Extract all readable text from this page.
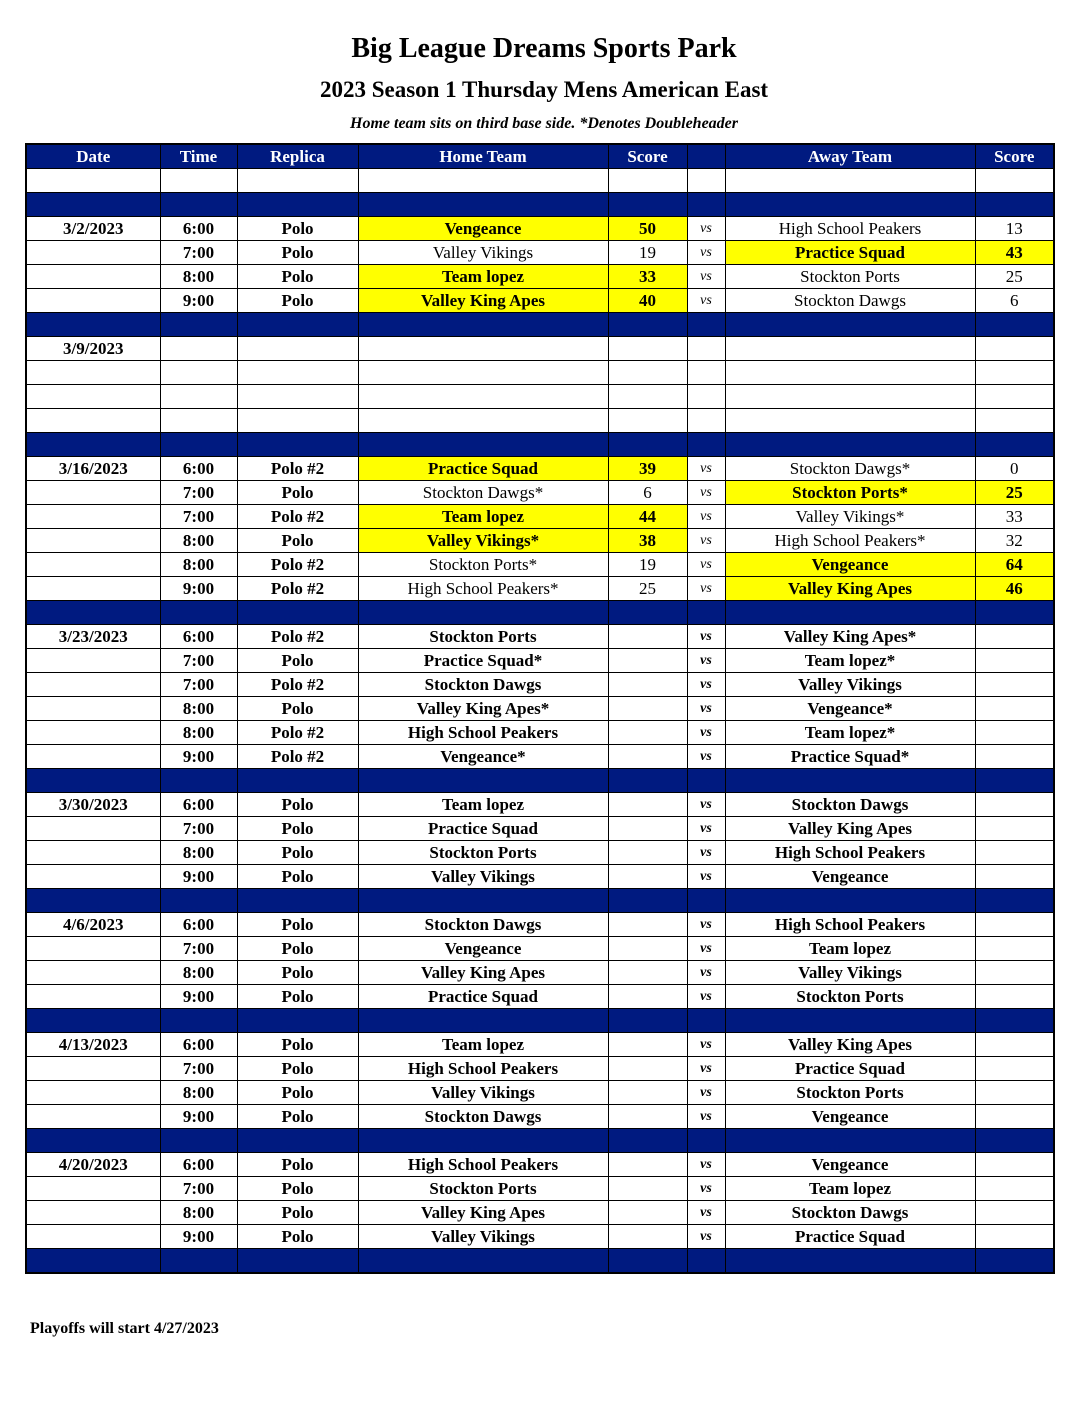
Big League Dreams Sports Park
2023 Season 1 Thursday Mens American East
Home team sits on third base side. *Denotes Doubleheader
Date	Time	Replica	Home Team	Score		Away Team	Score

3/2/2023	6:00	Polo	Vengeance	50	vs	High School Peakers	13
	7:00	Polo	Valley Vikings	19	vs	Practice Squad	43
	8:00	Polo	Team lopez	33	vs	Stockton Ports	25
	9:00	Polo	Valley King Apes	40	vs	Stockton Dawgs	6

3/9/2023							

3/16/2023	6:00	Polo #2	Practice Squad	39	vs	Stockton Dawgs*	0
	7:00	Polo	Stockton Dawgs*	6	vs	Stockton Ports*	25
	7:00	Polo #2	Team lopez	44	vs	Valley Vikings*	33
	8:00	Polo	Valley Vikings*	38	vs	High School Peakers*	32
	8:00	Polo #2	Stockton Ports*	19	vs	Vengeance	64
	9:00	Polo #2	High School Peakers*	25	vs	Valley King Apes	46

3/23/2023	6:00	Polo #2	Stockton Ports		vs	Valley King Apes*	
	7:00	Polo	Practice Squad*		vs	Team lopez*	
	7:00	Polo #2	Stockton Dawgs		vs	Valley Vikings	
	8:00	Polo	Valley King Apes*		vs	Vengeance*	
	8:00	Polo #2	High School Peakers		vs	Team lopez*	
	9:00	Polo #2	Vengeance*		vs	Practice Squad*	

3/30/2023	6:00	Polo	Team lopez		vs	Stockton Dawgs	
	7:00	Polo	Practice Squad		vs	Valley King Apes	
	8:00	Polo	Stockton Ports		vs	High School Peakers	
	9:00	Polo	Valley Vikings		vs	Vengeance	

4/6/2023	6:00	Polo	Stockton Dawgs		vs	High School Peakers	
	7:00	Polo	Vengeance		vs	Team lopez	
	8:00	Polo	Valley King Apes		vs	Valley Vikings	
	9:00	Polo	Practice Squad		vs	Stockton Ports	

4/13/2023	6:00	Polo	Team lopez		vs	Valley King Apes	
	7:00	Polo	High School Peakers		vs	Practice Squad	
	8:00	Polo	Valley Vikings		vs	Stockton Ports	
	9:00	Polo	Stockton Dawgs		vs	Vengeance	

4/20/2023	6:00	Polo	High School Peakers		vs	Vengeance	
	7:00	Polo	Stockton Ports		vs	Team lopez	
	8:00	Polo	Valley King Apes		vs	Stockton Dawgs	
	9:00	Polo	Valley Vikings		vs	Practice Squad	

Playoffs will start 4/27/2023
